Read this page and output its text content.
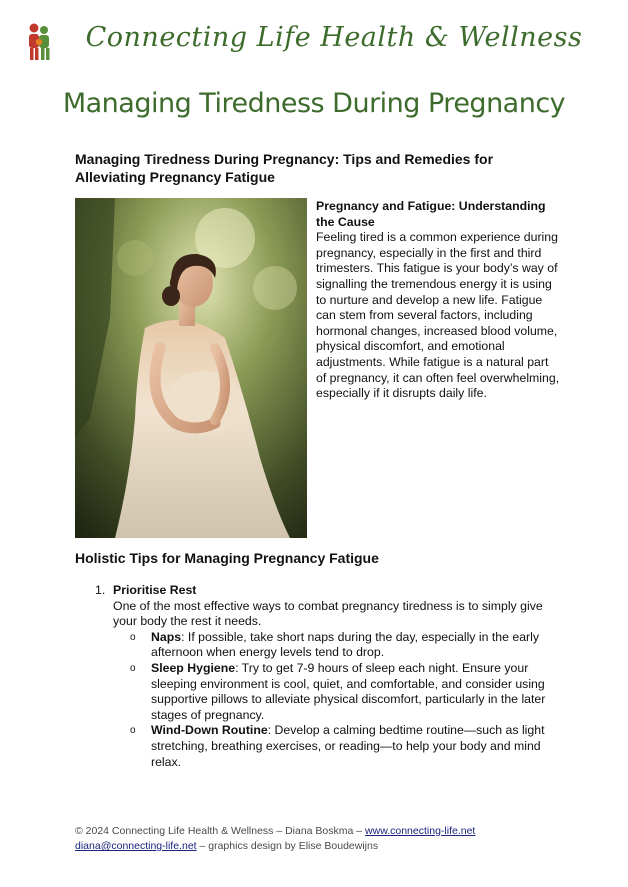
Connecting Life Health & Wellness
Managing Tiredness During Pregnancy
Managing Tiredness During Pregnancy: Tips and Remedies for Alleviating Pregnancy Fatigue
Pregnancy and Fatigue: Understanding the Cause
Feeling tired is a common experience during pregnancy, especially in the first and third trimesters. This fatigue is your body’s way of signalling the tremendous energy it is using to nurture and develop a new life. Fatigue can stem from several factors, including hormonal changes, increased blood volume, physical discomfort, and emotional adjustments. While fatigue is a natural part of pregnancy, it can often feel overwhelming, especially if it disrupts daily life.
Holistic Tips for Managing Pregnancy Fatigue
1. Prioritise Rest
One of the most effective ways to combat pregnancy tiredness is to simply give your body the rest it needs.
o Naps: If possible, take short naps during the day, especially in the early afternoon when energy levels tend to drop.
o Sleep Hygiene: Try to get 7-9 hours of sleep each night. Ensure your sleeping environment is cool, quiet, and comfortable, and consider using supportive pillows to alleviate physical discomfort, particularly in the later stages of pregnancy.
o Wind-Down Routine: Develop a calming bedtime routine—such as light stretching, breathing exercises, or reading—to help your body and mind relax.
© 2024 Connecting Life Health & Wellness – Diana Boskma – www.connecting-life.net
diana@connecting-life.net – graphics design by Elise Boudewijns
